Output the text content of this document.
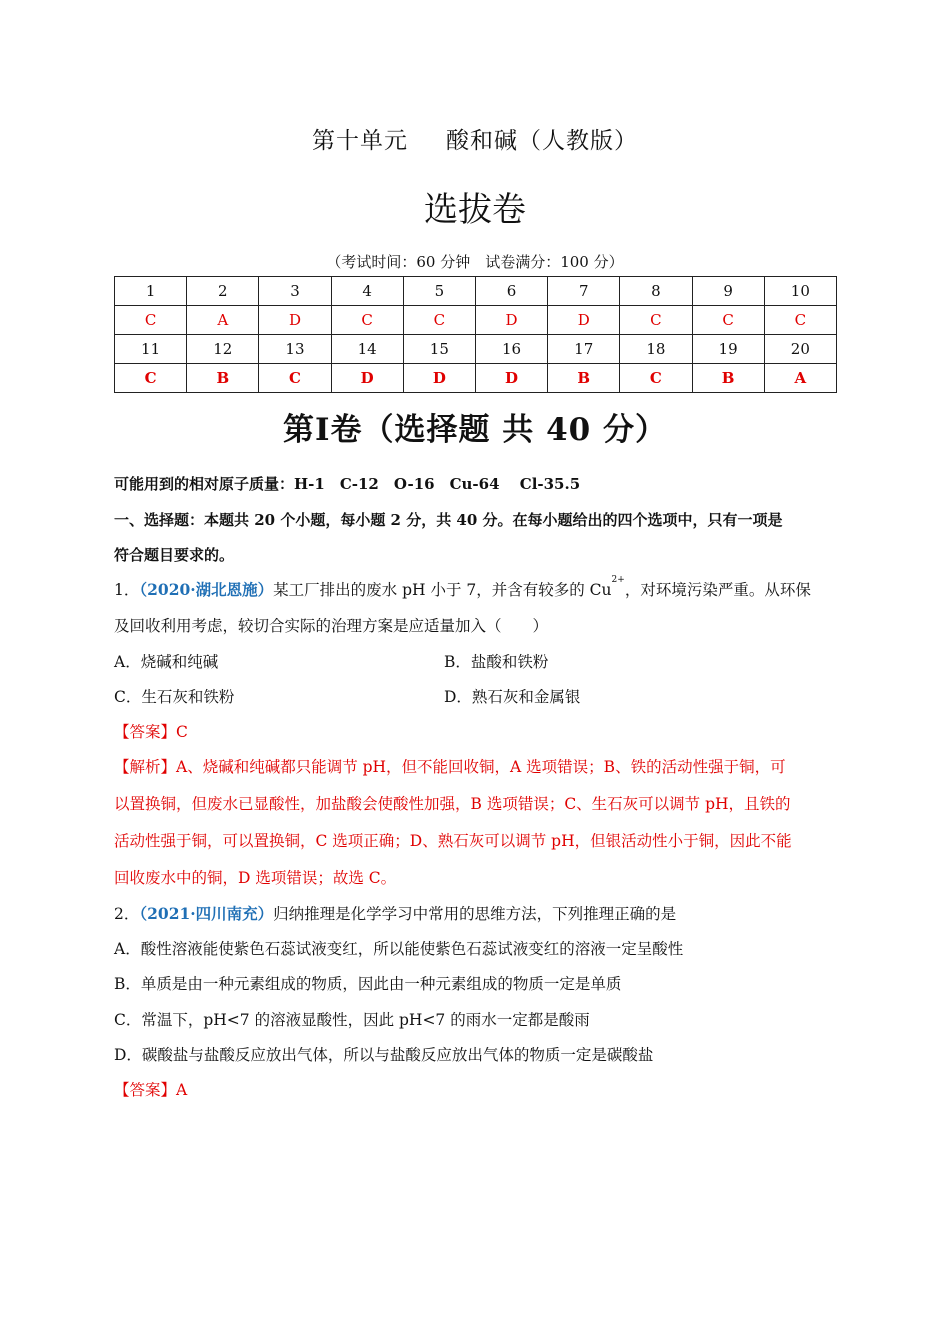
第十单元 酸和碱（人教版）
选拔卷
（考试时间：60 分钟　试卷满分：100 分）
1	2	3	4	5	6	7	8	9	10
C	A	D	C	C	D	D	C	C	C
11	12	13	14	15	16	17	18	19	20
C	B	C	D	D	D	B	C	B	A
第Ⅰ卷（选择题 共 40 分）
可能用到的相对原子质量：H-1　C-12　O-16　Cu-64　 Cl-35.5
一、选择题：本题共 20 个小题，每小题 2 分，共 40 分。在每小题给出的四个选项中，只有一项是
符合题目要求的。
1．（2020·湖北恩施）某工厂排出的废水 pH 小于 7，并含有较多的 $Cu^{2+}$，对环境污染严重。从环保
及回收利用考虑，较切合实际的治理方案是应适量加入（　　）
A．烧碱和纯碱	B．盐酸和铁粉
C．生石灰和铁粉	D．熟石灰和金属银
【答案】C
【解析】A、烧碱和纯碱都只能调节 pH，但不能回收铜，A 选项错误；B、铁的活动性强于铜，可
以置换铜，但废水已显酸性，加盐酸会使酸性加强，B 选项错误；C、生石灰可以调节 pH，且铁的
活动性强于铜，可以置换铜，C 选项正确；D、熟石灰可以调节 pH，但银活动性小于铜，因此不能
回收废水中的铜，D 选项错误；故选 C。
2．（2021·四川南充）归纳推理是化学学习中常用的思维方法，下列推理正确的是
A．酸性溶液能使紫色石蕊试液变红，所以能使紫色石蕊试液变红的溶液一定呈酸性
B．单质是由一种元素组成的物质，因此由一种元素组成的物质一定是单质
C．常温下，pH<7 的溶液显酸性，因此 pH<7 的雨水一定都是酸雨
D．碳酸盐与盐酸反应放出气体，所以与盐酸反应放出气体的物质一定是碳酸盐
【答案】A
